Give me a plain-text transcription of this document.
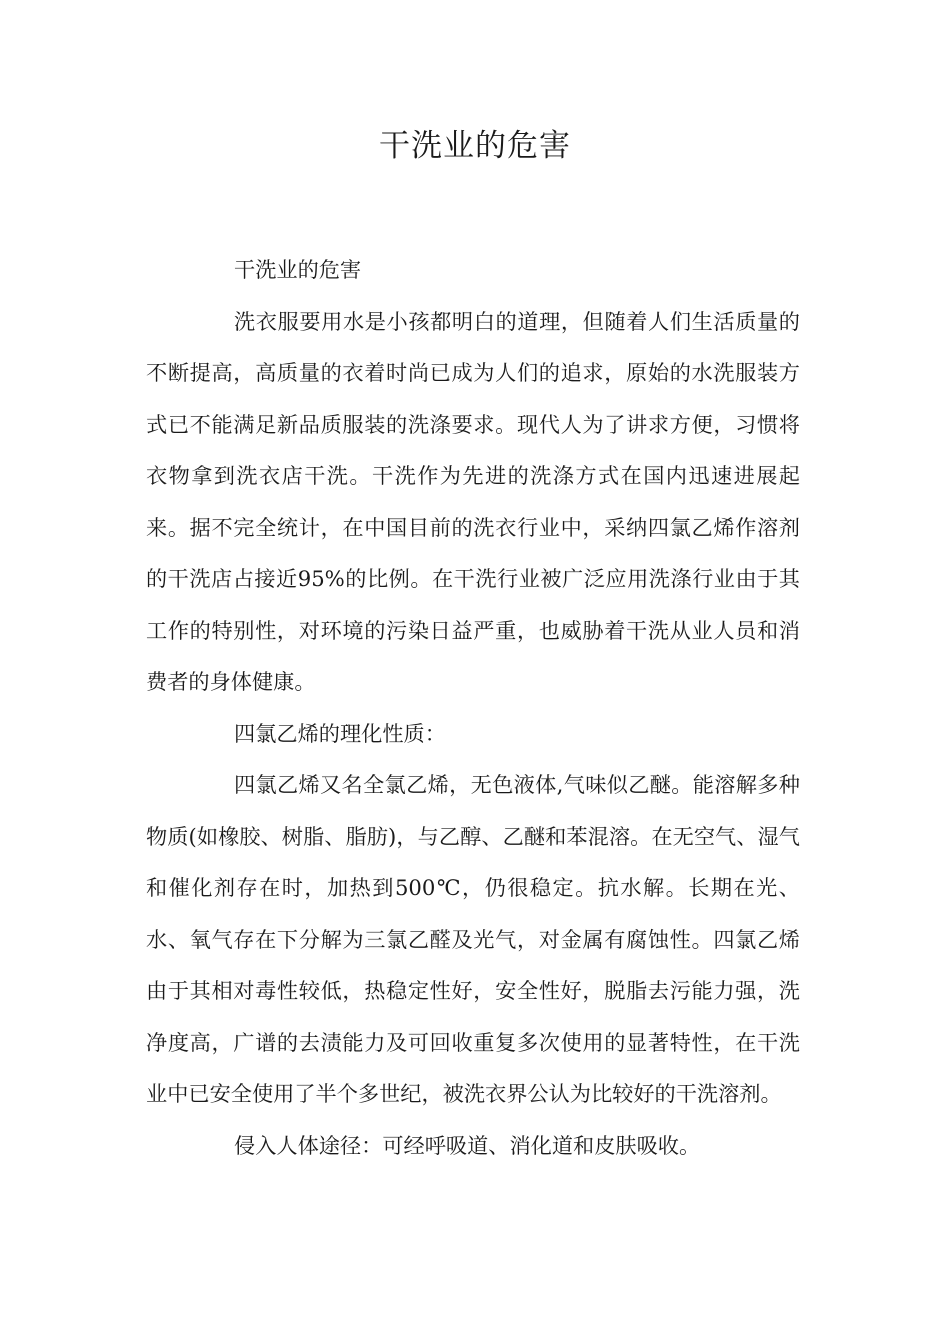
干洗业的危害

干洗业的危害

洗衣服要用水是小孩都明白的道理，但随着人们生活质量的不断提高，高质量的衣着时尚已成为人们的追求，原始的水洗服装方式已不能满足新品质服装的洗涤要求。现代人为了讲求方便，习惯将衣物拿到洗衣店干洗。干洗作为先进的洗涤方式在国内迅速进展起来。据不完全统计，在中国目前的洗衣行业中，采纳四氯乙烯作溶剂的干洗店占接近95%的比例。在干洗行业被广泛应用洗涤行业由于其工作的特别性，对环境的污染日益严重，也威胁着干洗从业人员和消费者的身体健康。

四氯乙烯的理化性质：

四氯乙烯又名全氯乙烯，无色液体,气味似乙醚。能溶解多种物质(如橡胶、树脂、脂肪)，与乙醇、乙醚和苯混溶。在无空气、湿气和催化剂存在时，加热到500℃，仍很稳定。抗水解。长期在光、水、氧气存在下分解为三氯乙醛及光气，对金属有腐蚀性。四氯乙烯由于其相对毒性较低，热稳定性好，安全性好，脱脂去污能力强，洗净度高，广谱的去渍能力及可回收重复多次使用的显著特性，在干洗业中已安全使用了半个多世纪，被洗衣界公认为比较好的干洗溶剂。

侵入人体途径：可经呼吸道、消化道和皮肤吸收。
